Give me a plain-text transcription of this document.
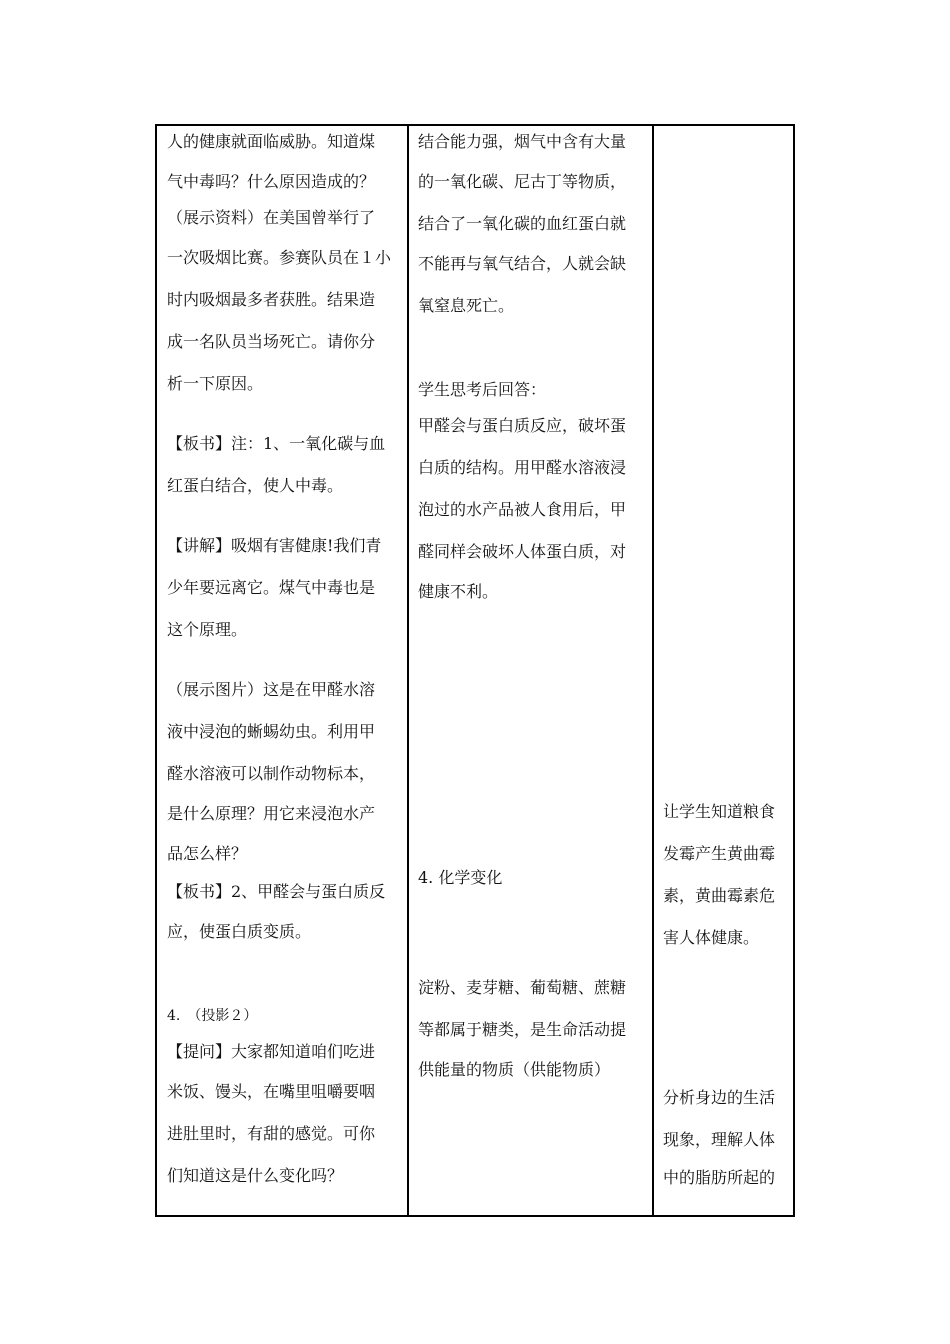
人的健康就面临威胁。知道煤
气中毒吗？什么原因造成的？
（展示资料）在美国曾举行了
一次吸烟比赛。参赛队员在１小
时内吸烟最多者获胜。结果造
成一名队员当场死亡。请你分
析一下原因。
【板书】注：1、一氧化碳与血
红蛋白结合，使人中毒。
【讲解】吸烟有害健康!我们青
少年要远离它。煤气中毒也是
这个原理。
（展示图片）这是在甲醛水溶
液中浸泡的蜥蜴幼虫。利用甲
醛水溶液可以制作动物标本，
是什么原理？用它来浸泡水产
品怎么样？
【板书】2、甲醛会与蛋白质反
应，使蛋白质变质。
4.　（投影２）
【提问】大家都知道咱们吃进
米饭、馒头，在嘴里咀嚼要咽
进肚里时，有甜的感觉。可你
们知道这是什么变化吗？
结合能力强，烟气中含有大量
的一氧化碳、尼古丁等物质，
结合了一氧化碳的血红蛋白就
不能再与氧气结合，人就会缺
氧窒息死亡。
学生思考后回答：
甲醛会与蛋白质反应，破坏蛋
白质的结构。用甲醛水溶液浸
泡过的水产品被人食用后，甲
醛同样会破坏人体蛋白质，对
健康不利。
4. 化学变化
淀粉、麦芽糖、葡萄糖、蔗糖
等都属于糖类，是生命活动提
供能量的物质（供能物质）
让学生知道粮食
发霉产生黄曲霉
素，黄曲霉素危
害人体健康。
分析身边的生活
现象，理解人体
中的脂肪所起的
